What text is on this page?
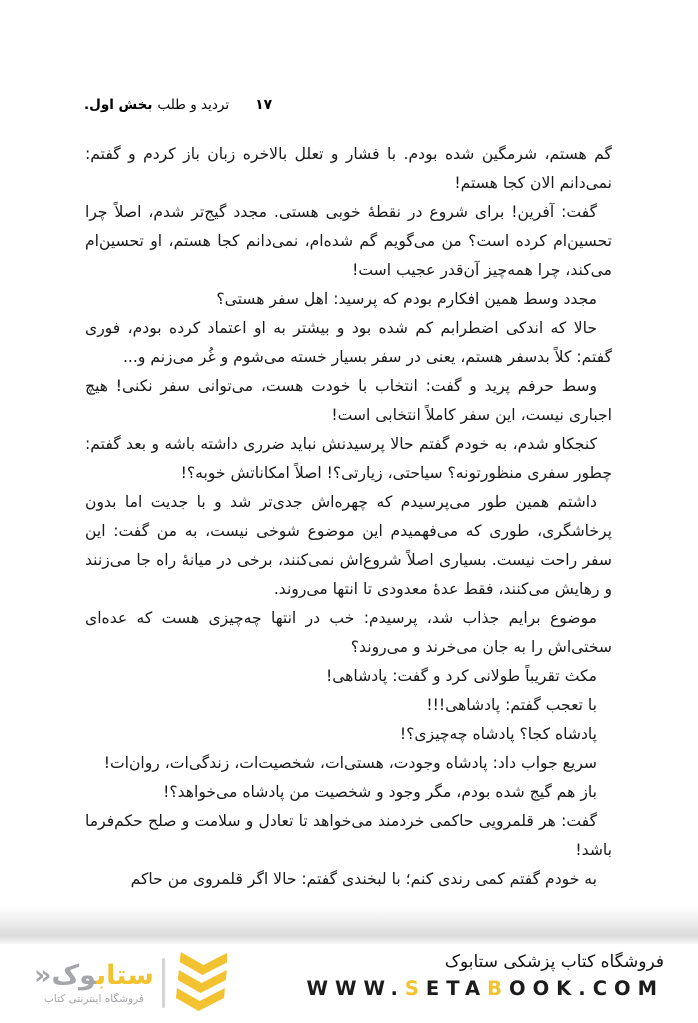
بخش اول. تردید و طلب ۱۷

گم هستم، شرمگین شده بودم. با فشار و تعلل بالاخره زبان باز کردم و گفتم: نمی‌دانم الان کجا هستم!

گفت: آفرین! برای شروع در نقطهٔ خوبی هستی. مجدد گیج‌تر شدم، اصلاً چرا تحسین‌ام کرده است؟ من می‌گویم گم شده‌ام، نمی‌دانم کجا هستم، او تحسین‌ام می‌کند، چرا همه‌چیز آن‌قدر عجیب است!

مجدد وسط همین افکارم بودم که پرسید: اهل سفر هستی؟

حالا که اندکی اضطرابم کم شده بود و بیشتر به او اعتماد کرده بودم، فوری گفتم: کلاً بدسفر هستم، یعنی در سفر بسیار خسته می‌شوم و غُر می‌زنم و...

وسط حرفم پرید و گفت: انتخاب با خودت هست، می‌توانی سفر نکنی! هیچ اجباری نیست، این سفر کاملاً انتخابی است!

کنجکاو شدم، به خودم گفتم حالا پرسیدنش نباید ضرری داشته باشه و بعد گفتم: چطور سفری منظورتونه؟ سیاحتی، زیارتی؟! اصلاً امکاناتش خوبه؟!

داشتم همین طور می‌پرسیدم که چهره‌اش جدی‌تر شد و با جدیت اما بدون پرخاشگری، طوری که می‌فهمیدم این موضوع شوخی نیست، به من گفت: این سفر راحت نیست. بسیاری اصلاً شروع‌اش نمی‌کنند، برخی در میانهٔ راه جا می‌زنند و رهایش می‌کنند، فقط عدهٔ معدودی تا انتها می‌روند.

موضوع برایم جذاب شد، پرسیدم: خب در انتها چه‌چیزی هست که عده‌ای سختی‌اش را به جان می‌خرند و می‌روند؟

مکث تقریباً طولانی کرد و گفت: پادشاهی!

با تعجب گفتم: پادشاهی!!!

پادشاه کجا؟ پادشاه چه‌چیزی؟!

سریع جواب داد: پادشاه وجودت، هستی‌ات، شخصیت‌ات، زندگی‌ات، روان‌ات!

باز هم گیج شده بودم، مگر وجود و شخصیت من پادشاه می‌خواهد؟!

گفت: هر قلمرویی حاکمی خردمند می‌خواهد تا تعادل و سلامت و صلح حکم‌فرما باشد!

به خودم گفتم کمی رندی کنم؛ با لبخندی گفتم: حالا اگر قلمروی من حاکم

ستاب‍‍وک«
فروشگاه اینترنتی کتاب
فروشگاه کتاب پزشکی ستابوک
WWW.SETABOOK.COM
